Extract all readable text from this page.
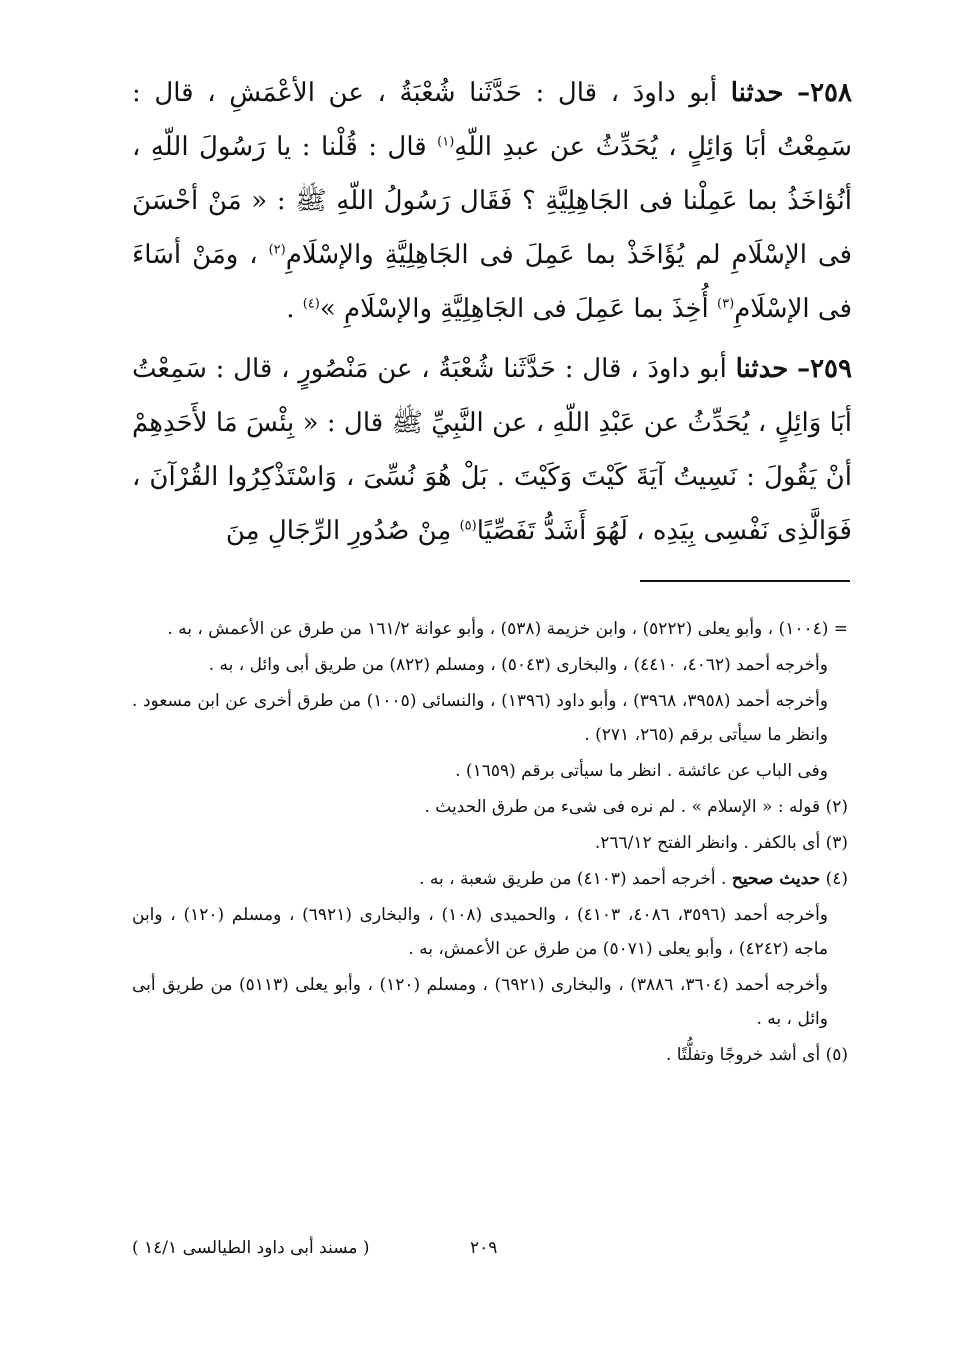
٢٥٨– حدثنا أبو داودَ ، قال : حَدَّثَنا شُعْبَةُ ، عن الأعْمَشِ ، قال : سَمِعْتُ أبَا وَائِلٍ ، يُحَدِّثُ عن عبدِ اللّهِ$^{(١)}$ قال : قُلْنا : يا رَسُولَ اللّهِ ، أنُؤاخَذُ بما عَمِلْنا فى الجَاهِلِيَّةِ ؟ فَقَال رَسُولُ اللّهِ ﷺ : « مَنْ أحْسَنَ فى الإسْلَامِ لم يُؤَاخَذْ بما عَمِلَ فى الجَاهِلِيَّةِ والإسْلَامِ$^{(٢)}$ ، ومَنْ أسَاءَ فى الإسْلَامِ$^{(٣)}$ أُخِذَ بما عَمِلَ فى الجَاهِلِيَّةِ والإسْلَامِ »$^{(٤)}$ .

٢٥٩– حدثنا أبو داودَ ، قال : حَدَّثَنا شُعْبَةُ ، عن مَنْصُورٍ ، قال : سَمِعْتُ أبَا وَائِلٍ ، يُحَدِّثُ عن عَبْدِ اللّهِ ، عن النَّبِيِّ ﷺ قال : « بِئْسَ مَا لأَحَدِهِمْ أنْ يَقُولَ : نَسِيتُ آيَةَ كَيْتَ وَكَيْتَ . بَلْ هُوَ نُسِّىَ ، وَاسْتَذْكِرُوا القُرْآنَ ، فَوَالَّذِى نَفْسِى بِيَدِه ، لَهُوَ أَشَدُّ تَفَصِّيًا$^{(٥)}$ مِنْ صُدُورِ الرِّجَالِ مِنَ

= (١٠٠٤) ، وأبو يعلى (٥٢٢٢) ، وابن خزيمة (٥٣٨) ، وأبو عوانة ١٦١/٢ من طرق عن الأعمش ، به .

وأخرجه أحمد (٤٠٦٢، ٤٤١٠) ، والبخارى (٥٠٤٣) ، ومسلم (٨٢٢) من طريق أبى وائل ، به .

وأخرجه أحمد (٣٩٥٨، ٣٩٦٨) ، وأبو داود (١٣٩٦) ، والنسائى (١٠٠٥) من طرق أخرى عن ابن مسعود . وانظر ما سيأتى برقم (٢٦٥، ٢٧١) .

وفى الباب عن عائشة . انظر ما سيأتى برقم (١٦٥٩) .

(٢) قوله : « الإسلام » . لم نره فى شىء من طرق الحديث .

(٣) أى بالكفر . وانظر الفتح ٢٦٦/١٢.

(٤) حديث صحيح . أخرجه أحمد (٤١٠٣) من طريق شعبة ، به .

وأخرجه أحمد (٣٥٩٦، ٤٠٨٦، ٤١٠٣) ، والحميدى (١٠٨) ، والبخارى (٦٩٢١) ، ومسلم (١٢٠) ، وابن ماجه (٤٢٤٢) ، وأبو يعلى (٥٠٧١) من طرق عن الأعمش، به .

وأخرجه أحمد (٣٦٠٤، ٣٨٨٦) ، والبخارى (٦٩٢١) ، ومسلم (١٢٠) ، وأبو يعلى (٥١١٣) من طريق أبى وائل ، به .

(٥) أى أشد خروجًا وتفلُّتًا .

( مسند أبى داود الطيالسى ١٤/١ )	٢٠٩
